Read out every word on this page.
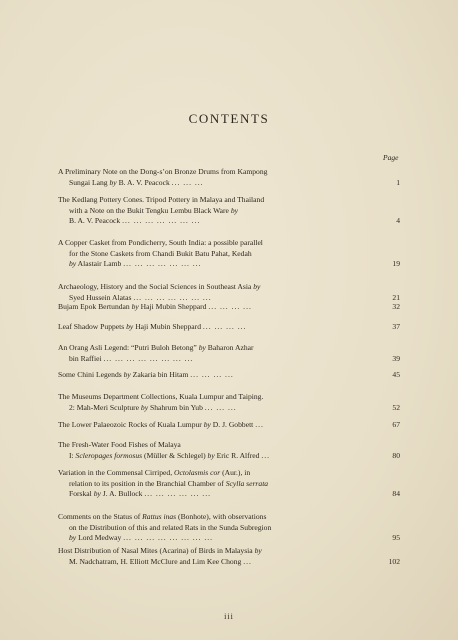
CONTENTS
Page
A Preliminary Note on the Dong-s’on Bronze Drums from Kampong
Sungai Lang by B. A. V. Peacock ... ... ...	1
The Kedlang Pottery Cones. Tripod Pottery in Malaya and Thailand
with a Note on the Bukit Tengku Lembu Black Ware by
B. A. V. Peacock ... ... ... ... ... ... ...	4
A Copper Casket from Pondicherry, South India: a possible parallel
for the Stone Caskets from Chandi Bukit Batu Pahat, Kedah
by Alastair Lamb ... ... ... ... ... ... ...	19
Archaeology, History and the Social Sciences in Southeast Asia by
Syed Hussein Alatas ... ... ... ... ... ... ...	21
Bujam Epok Bertundan by Haji Mubin Sheppard ... ... ... ...	32
Leaf Shadow Puppets by Haji Mubin Sheppard ... ... ... ...	37
An Orang Asli Legend: “Putri Buloh Betong” by Baharon Azhar
bin Raffiei ... ... ... ... ... ... ... ...	39
Some Chini Legends by Zakaria bin Hitam ... ... ... ...	45
The Museums Department Collections, Kuala Lumpur and Taiping.
2: Mah-Meri Sculpture by Shahrum bin Yub ... ... ...	52
The Lower Palaeozoic Rocks of Kuala Lumpur by D. J. Gobbett ...	67
The Fresh-Water Food Fishes of Malaya
I: Scleropages formosus (Müller & Schlegel) by Eric R. Alfred ...	80
Variation in the Commensal Cirriped, Octolasmis cor (Aur.), in
relation to its position in the Branchial Chamber of Scylla serrata
Forskal by J. A. Bullock ... ... ... ... ... ...	84
Comments on the Status of Rattus inas (Bonhote), with observations
on the Distribution of this and related Rats in the Sunda Subregion
by Lord Medway ... ... ... ... ... ... ... ...	95
Host Distribution of Nasal Mites (Acarina) of Birds in Malaysia by
M. Nadchatram, H. Elliott McClure and Lim Kee Chong ...	102
iii
